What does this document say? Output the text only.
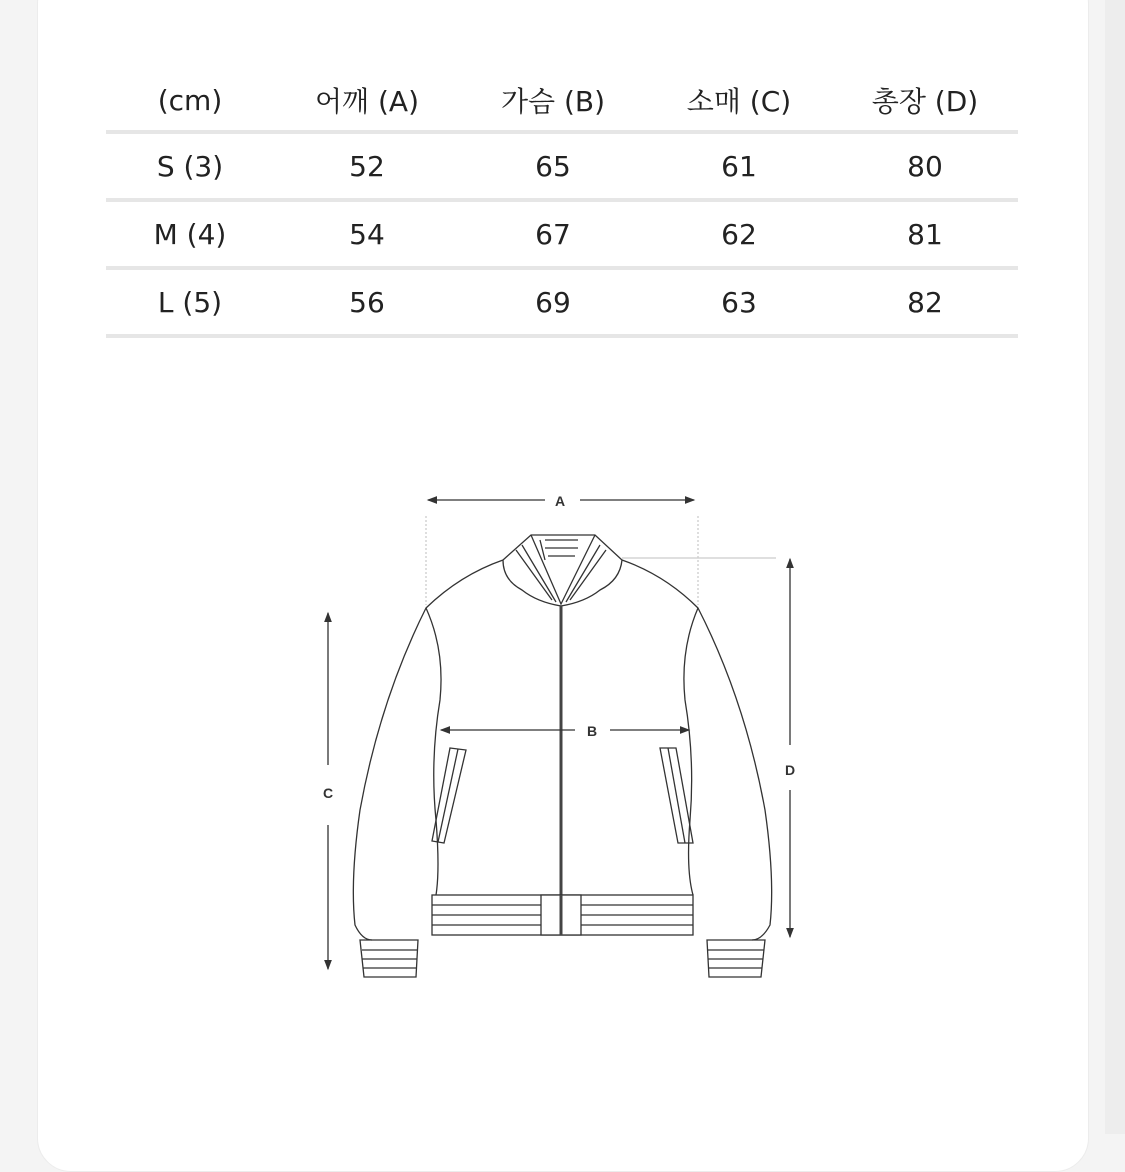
(cm)	어깨 (A)	가슴 (B)	소매 (C)	총장 (D)
S (3)	52	65	61	80
M (4)	54	67	62	81
L (5)	56	69	63	82
A
B
C
D
